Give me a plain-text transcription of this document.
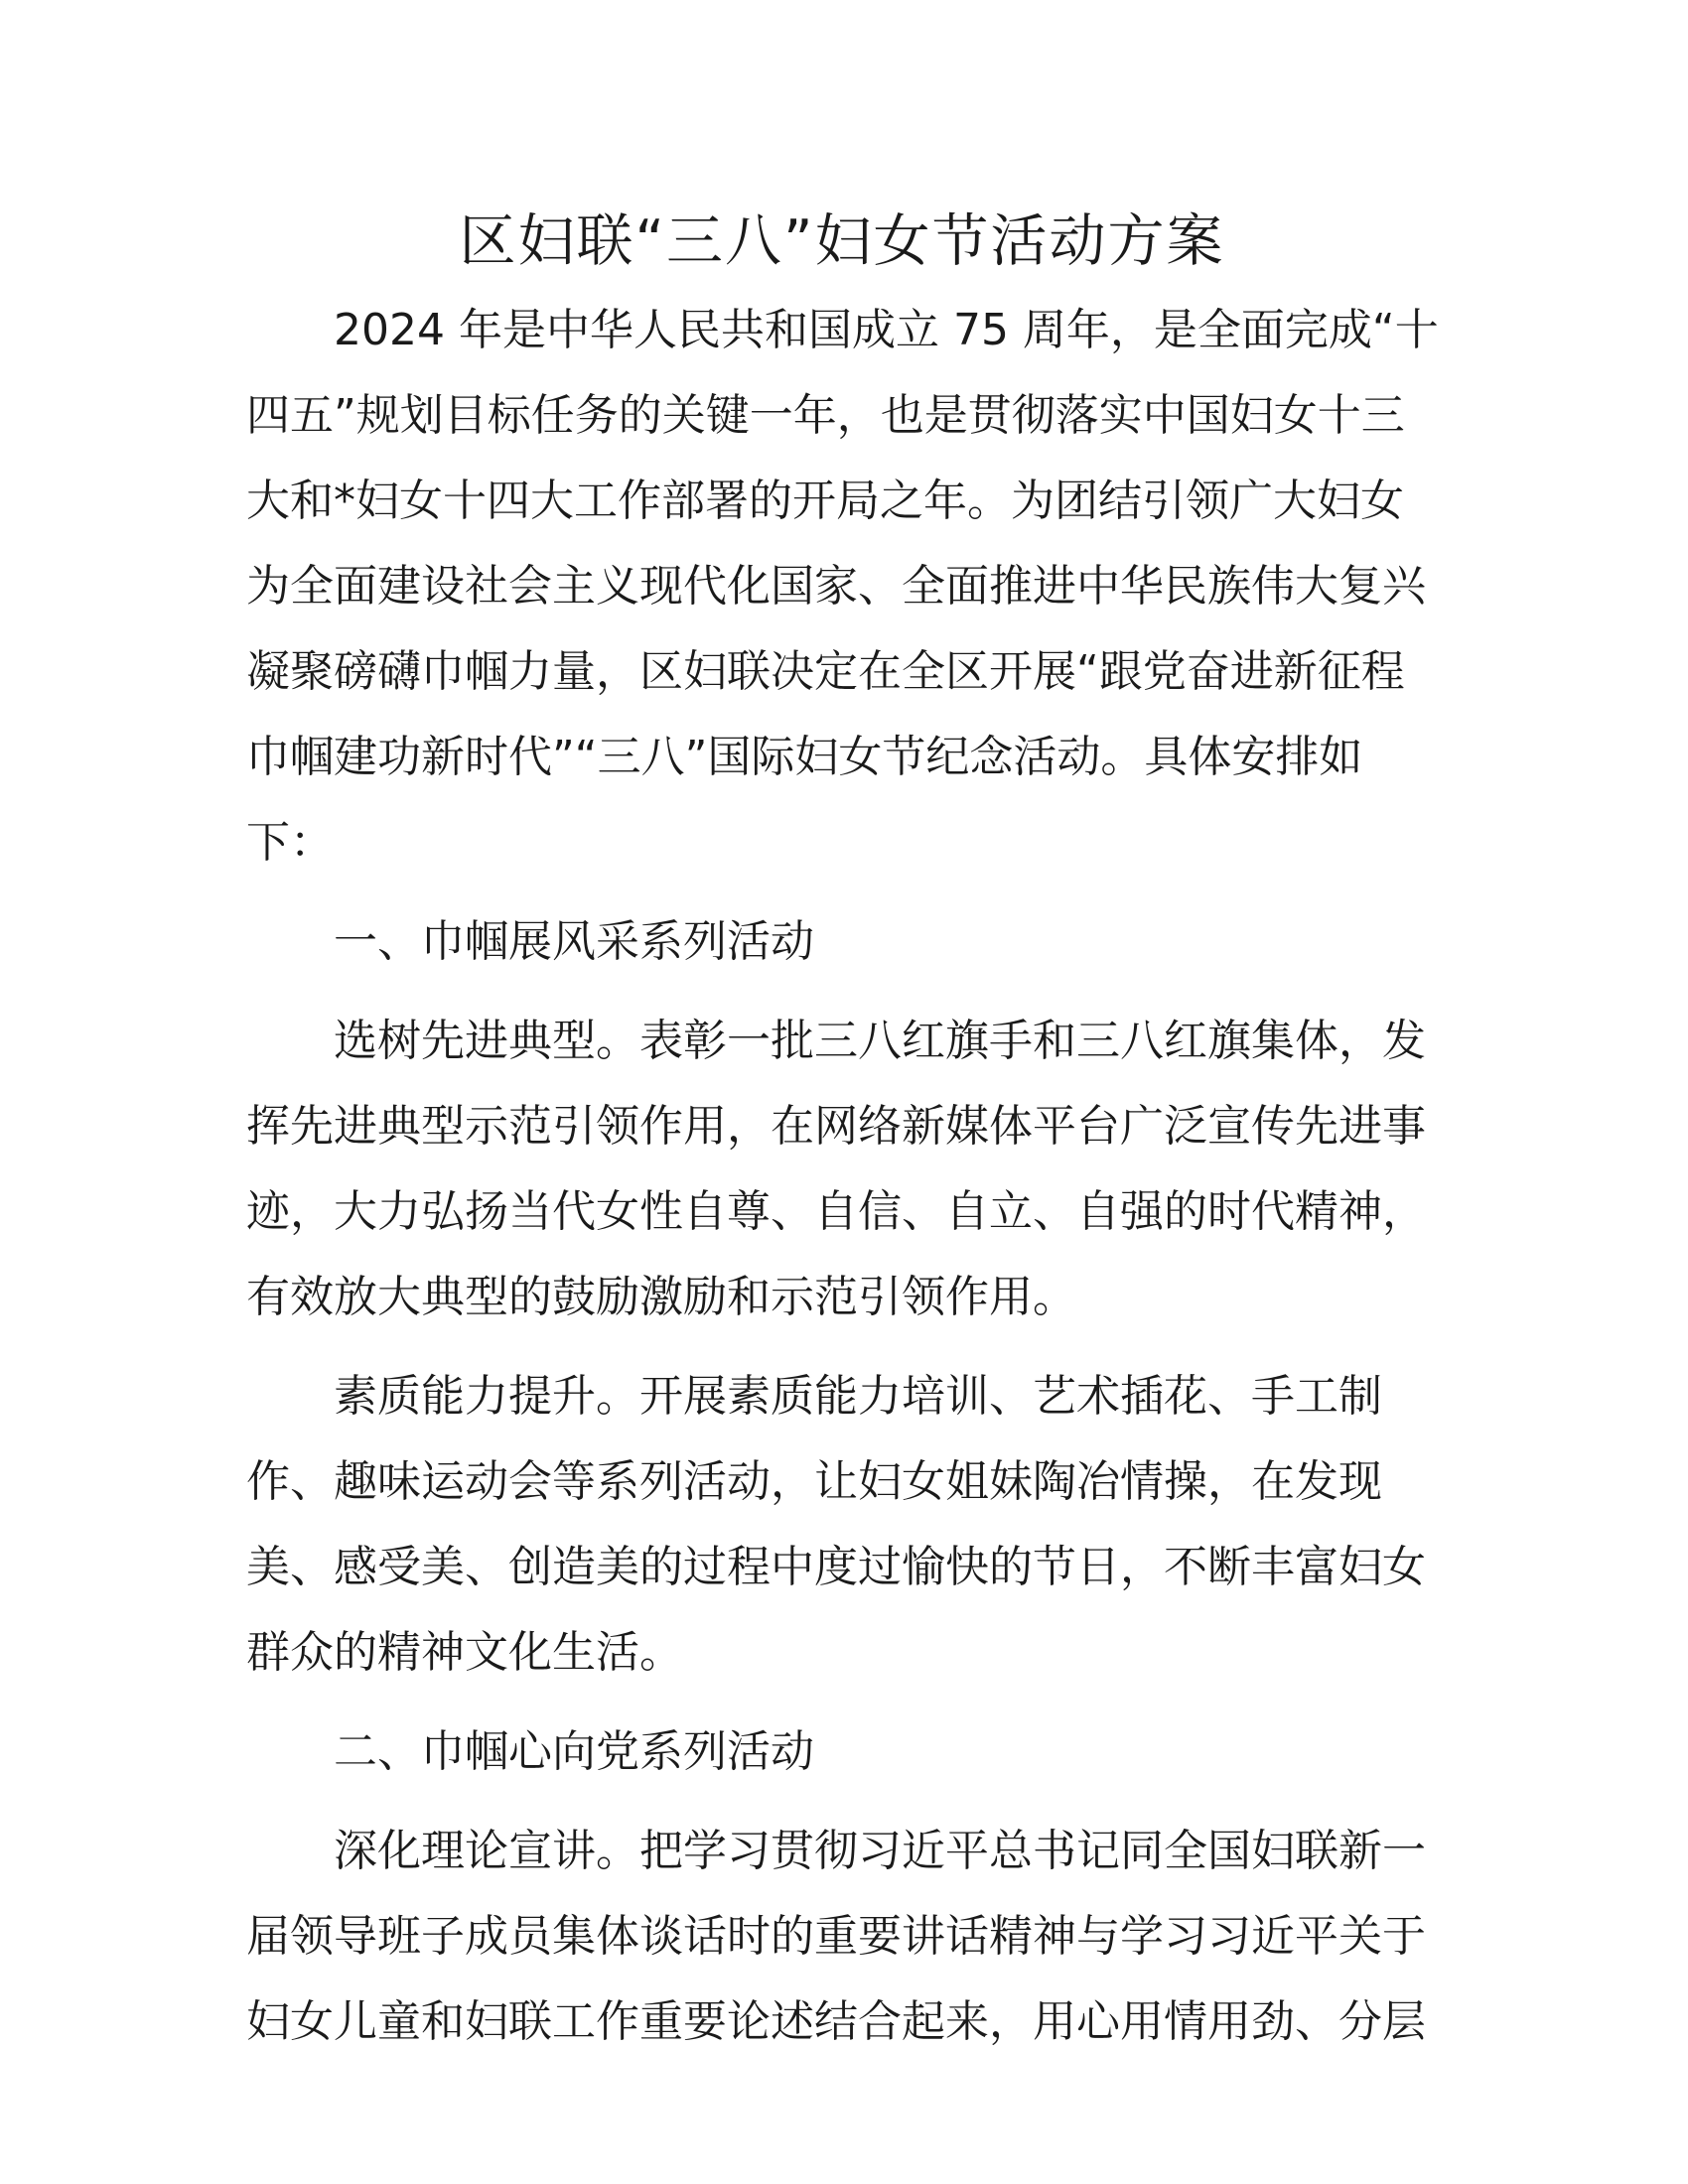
区妇联“三八”妇女节活动方案
2024 年是中华人民共和国成立 75 周年，是全面完成“十
四五”规划目标任务的关键一年，也是贯彻落实中国妇女十三
大和*妇女十四大工作部署的开局之年。为团结引领广大妇女
为全面建设社会主义现代化国家、全面推进中华民族伟大复兴
凝聚磅礴巾帼力量，区妇联决定在全区开展“跟党奋进新征程
巾帼建功新时代”“三八”国际妇女节纪念活动。具体安排如
下：
一、巾帼展风采系列活动
选树先进典型。表彰一批三八红旗手和三八红旗集体，发
挥先进典型示范引领作用，在网络新媒体平台广泛宣传先进事
迹，大力弘扬当代女性自尊、自信、自立、自强的时代精神，
有效放大典型的鼓励激励和示范引领作用。
素质能力提升。开展素质能力培训、艺术插花、手工制
作、趣味运动会等系列活动，让妇女姐妹陶冶情操，在发现
美、感受美、创造美的过程中度过愉快的节日，不断丰富妇女
群众的精神文化生活。
二、巾帼心向党系列活动
深化理论宣讲。把学习贯彻习近平总书记同全国妇联新一
届领导班子成员集体谈话时的重要讲话精神与学习习近平关于
妇女儿童和妇联工作重要论述结合起来，用心用情用劲、分层
